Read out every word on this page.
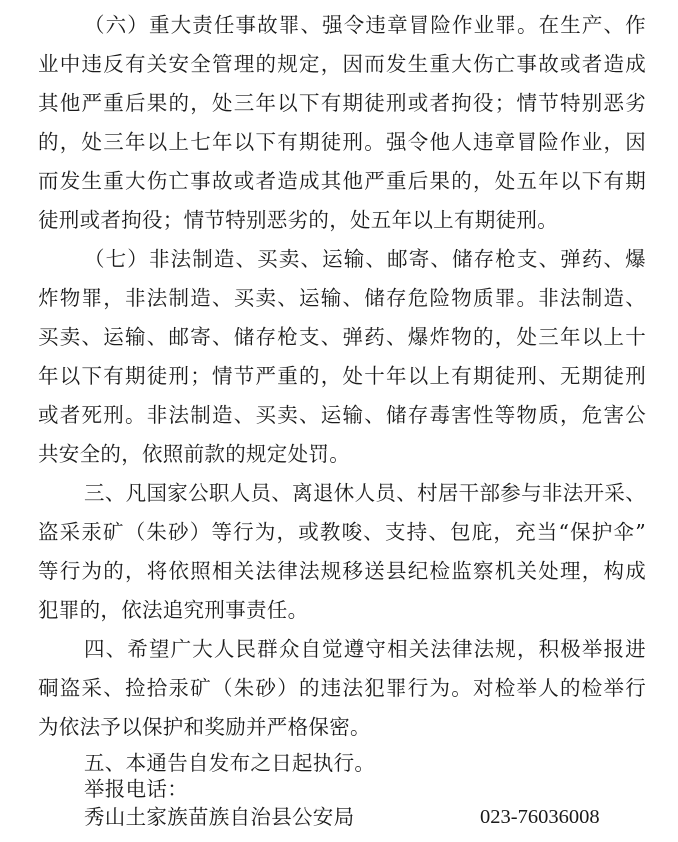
（六）重大责任事故罪、强令违章冒险作业罪。在生产、作
业中违反有关安全管理的规定，因而发生重大伤亡事故或者造成
其他严重后果的，处三年以下有期徒刑或者拘役；情节特别恶劣
的，处三年以上七年以下有期徒刑。强令他人违章冒险作业，因
而发生重大伤亡事故或者造成其他严重后果的，处五年以下有期
徒刑或者拘役；情节特别恶劣的，处五年以上有期徒刑。
（七）非法制造、买卖、运输、邮寄、储存枪支、弹药、爆
炸物罪，非法制造、买卖、运输、储存危险物质罪。非法制造、
买卖、运输、邮寄、储存枪支、弹药、爆炸物的，处三年以上十
年以下有期徒刑；情节严重的，处十年以上有期徒刑、无期徒刑
或者死刑。非法制造、买卖、运输、储存毒害性等物质，危害公
共安全的，依照前款的规定处罚。
三、凡国家公职人员、离退休人员、村居干部参与非法开采、
盗采汞矿（朱砂）等行为，或教唆、支持、包庇，充当“保护伞”
等行为的，将依照相关法律法规移送县纪检监察机关处理，构成
犯罪的，依法追究刑事责任。
四、希望广大人民群众自觉遵守相关法律法规，积极举报进
硐盗采、捡拾汞矿（朱砂）的违法犯罪行为。对检举人的检举行
为依法予以保护和奖励并严格保密。
五、本通告自发布之日起执行。
举报电话：
秀山土家族苗族自治县公安局	023-76036008
